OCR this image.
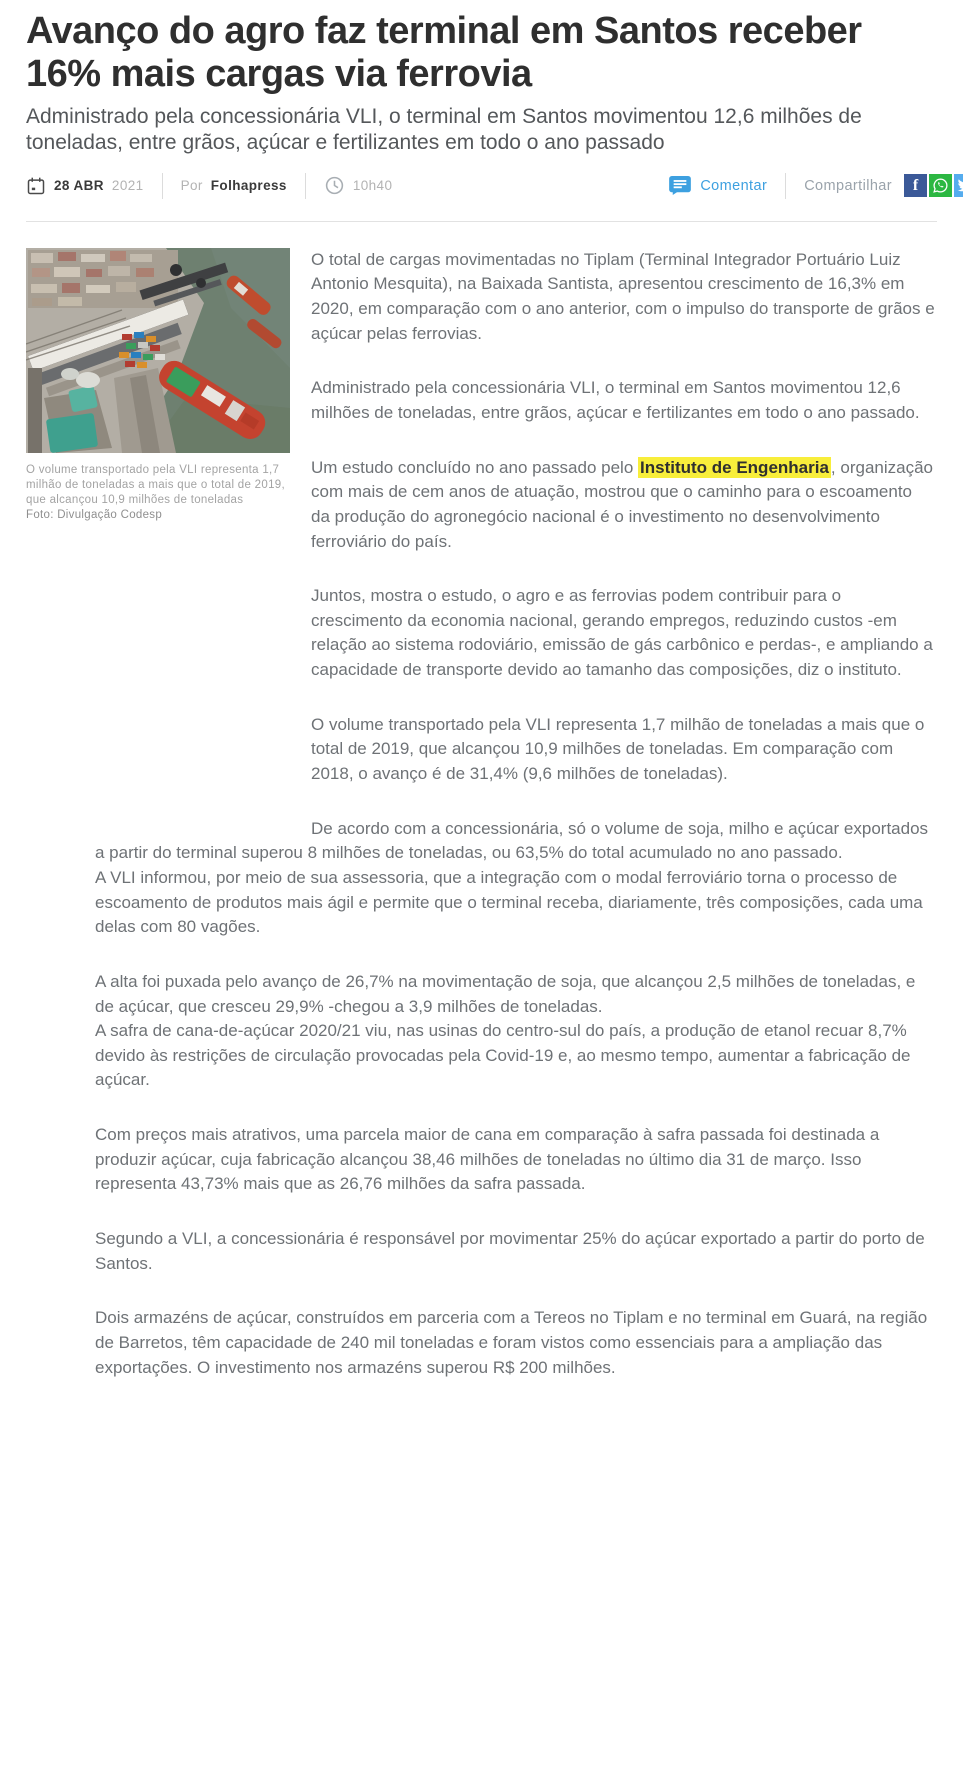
Avanço do agro faz terminal em Santos receber 16% mais cargas via ferrovia
Administrado pela concessionária VLI, o terminal em Santos movimentou 12,6 milhões de toneladas, entre grãos, açúcar e fertilizantes em todo o ano passado
28 ABR 2021	Por Folhapress	10h40	Comentar	Compartilhar f
O volume transportado pela VLI representa 1,7 milhão de toneladas a mais que o total de 2019, que alcançou 10,9 milhões de toneladas
Foto: Divulgação Codesp

O total de cargas movimentadas no Tiplam (Terminal Integrador Portuário Luiz Antonio Mesquita), na Baixada Santista, apresentou crescimento de 16,3% em 2020, em comparação com o ano anterior, com o impulso do transporte de grãos e açúcar pelas ferrovias.

Administrado pela concessionária VLI, o terminal em Santos movimentou 12,6 milhões de toneladas, entre grãos, açúcar e fertilizantes em todo o ano passado.

Um estudo concluído no ano passado pelo Instituto de Engenharia , organização com mais de cem anos de atuação, mostrou que o caminho para o escoamento da produção do agronegócio nacional é o investimento no desenvolvimento ferroviário do país.

Juntos, mostra o estudo, o agro e as ferrovias podem contribuir para o crescimento da economia nacional, gerando empregos, reduzindo custos -em relação ao sistema rodoviário, emissão de gás carbônico e perdas-, e ampliando a capacidade de transporte devido ao tamanho das composições, diz o instituto.

O volume transportado pela VLI representa 1,7 milhão de toneladas a mais que o total de 2019, que alcançou 10,9 milhões de toneladas. Em comparação com 2018, o avanço é de 31,4% (9,6 milhões de toneladas).

De acordo com a concessionária, só o volume de soja, milho e açúcar exportados a partir do terminal superou 8 milhões de toneladas, ou 63,5% do total acumulado no ano passado.

A VLI informou, por meio de sua assessoria, que a integração com o modal ferroviário torna o processo de escoamento de produtos mais ágil e permite que o terminal receba, diariamente, três composições, cada uma delas com 80 vagões.

A alta foi puxada pelo avanço de 26,7% na movimentação de soja, que alcançou 2,5 milhões de toneladas, e de açúcar, que cresceu 29,9% -chegou a 3,9 milhões de toneladas.

A safra de cana-de-açúcar 2020/21 viu, nas usinas do centro-sul do país, a produção de etanol recuar 8,7% devido às restrições de circulação provocadas pela Covid-19 e, ao mesmo tempo, aumentar a fabricação de açúcar.

Com preços mais atrativos, uma parcela maior de cana em comparação à safra passada foi destinada a produzir açúcar, cuja fabricação alcançou 38,46 milhões de toneladas no último dia 31 de março. Isso representa 43,73% mais que as 26,76 milhões da safra passada.

Segundo a VLI, a concessionária é responsável por movimentar 25% do açúcar exportado a partir do porto de Santos.

Dois armazéns de açúcar, construídos em parceria com a Tereos no Tiplam e no terminal em Guará, na região de Barretos, têm capacidade de 240 mil toneladas e foram vistos como essenciais para a ampliação das exportações. O investimento nos armazéns superou R$ 200 milhões.
